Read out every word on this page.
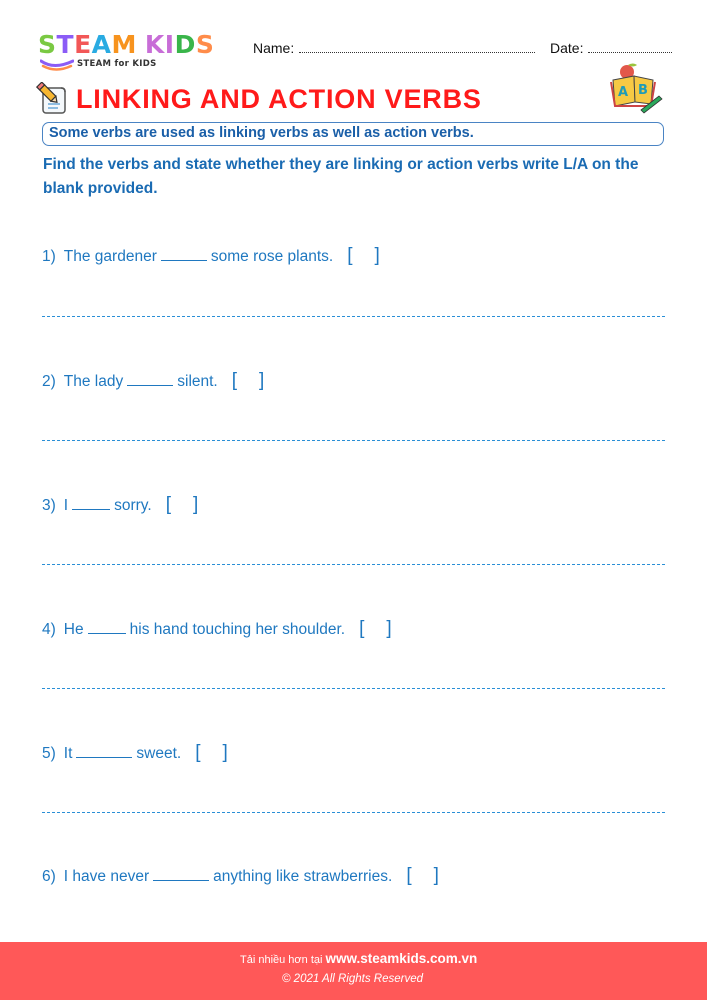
STEAM KIDS
STEAM for KIDS
Name:	Date:
LINKING AND ACTION VERBS	A B
Some verbs are used as linking verbs as well as action verbs.
Find the verbs and state whether they are linking or action verbs write L/A on the blank provided.
1) The gardener	some rose plants. [ ]
2) The lady	silent. [ ]
3) I	sorry. [ ]
4) He	his hand touching her shoulder. [ ]
5) It	sweet. [ ]
6) I have never	anything like strawberries. [ ]
Tải nhiều hơn tại www.steamkids.com.vn
© 2021 All Rights Reserved
